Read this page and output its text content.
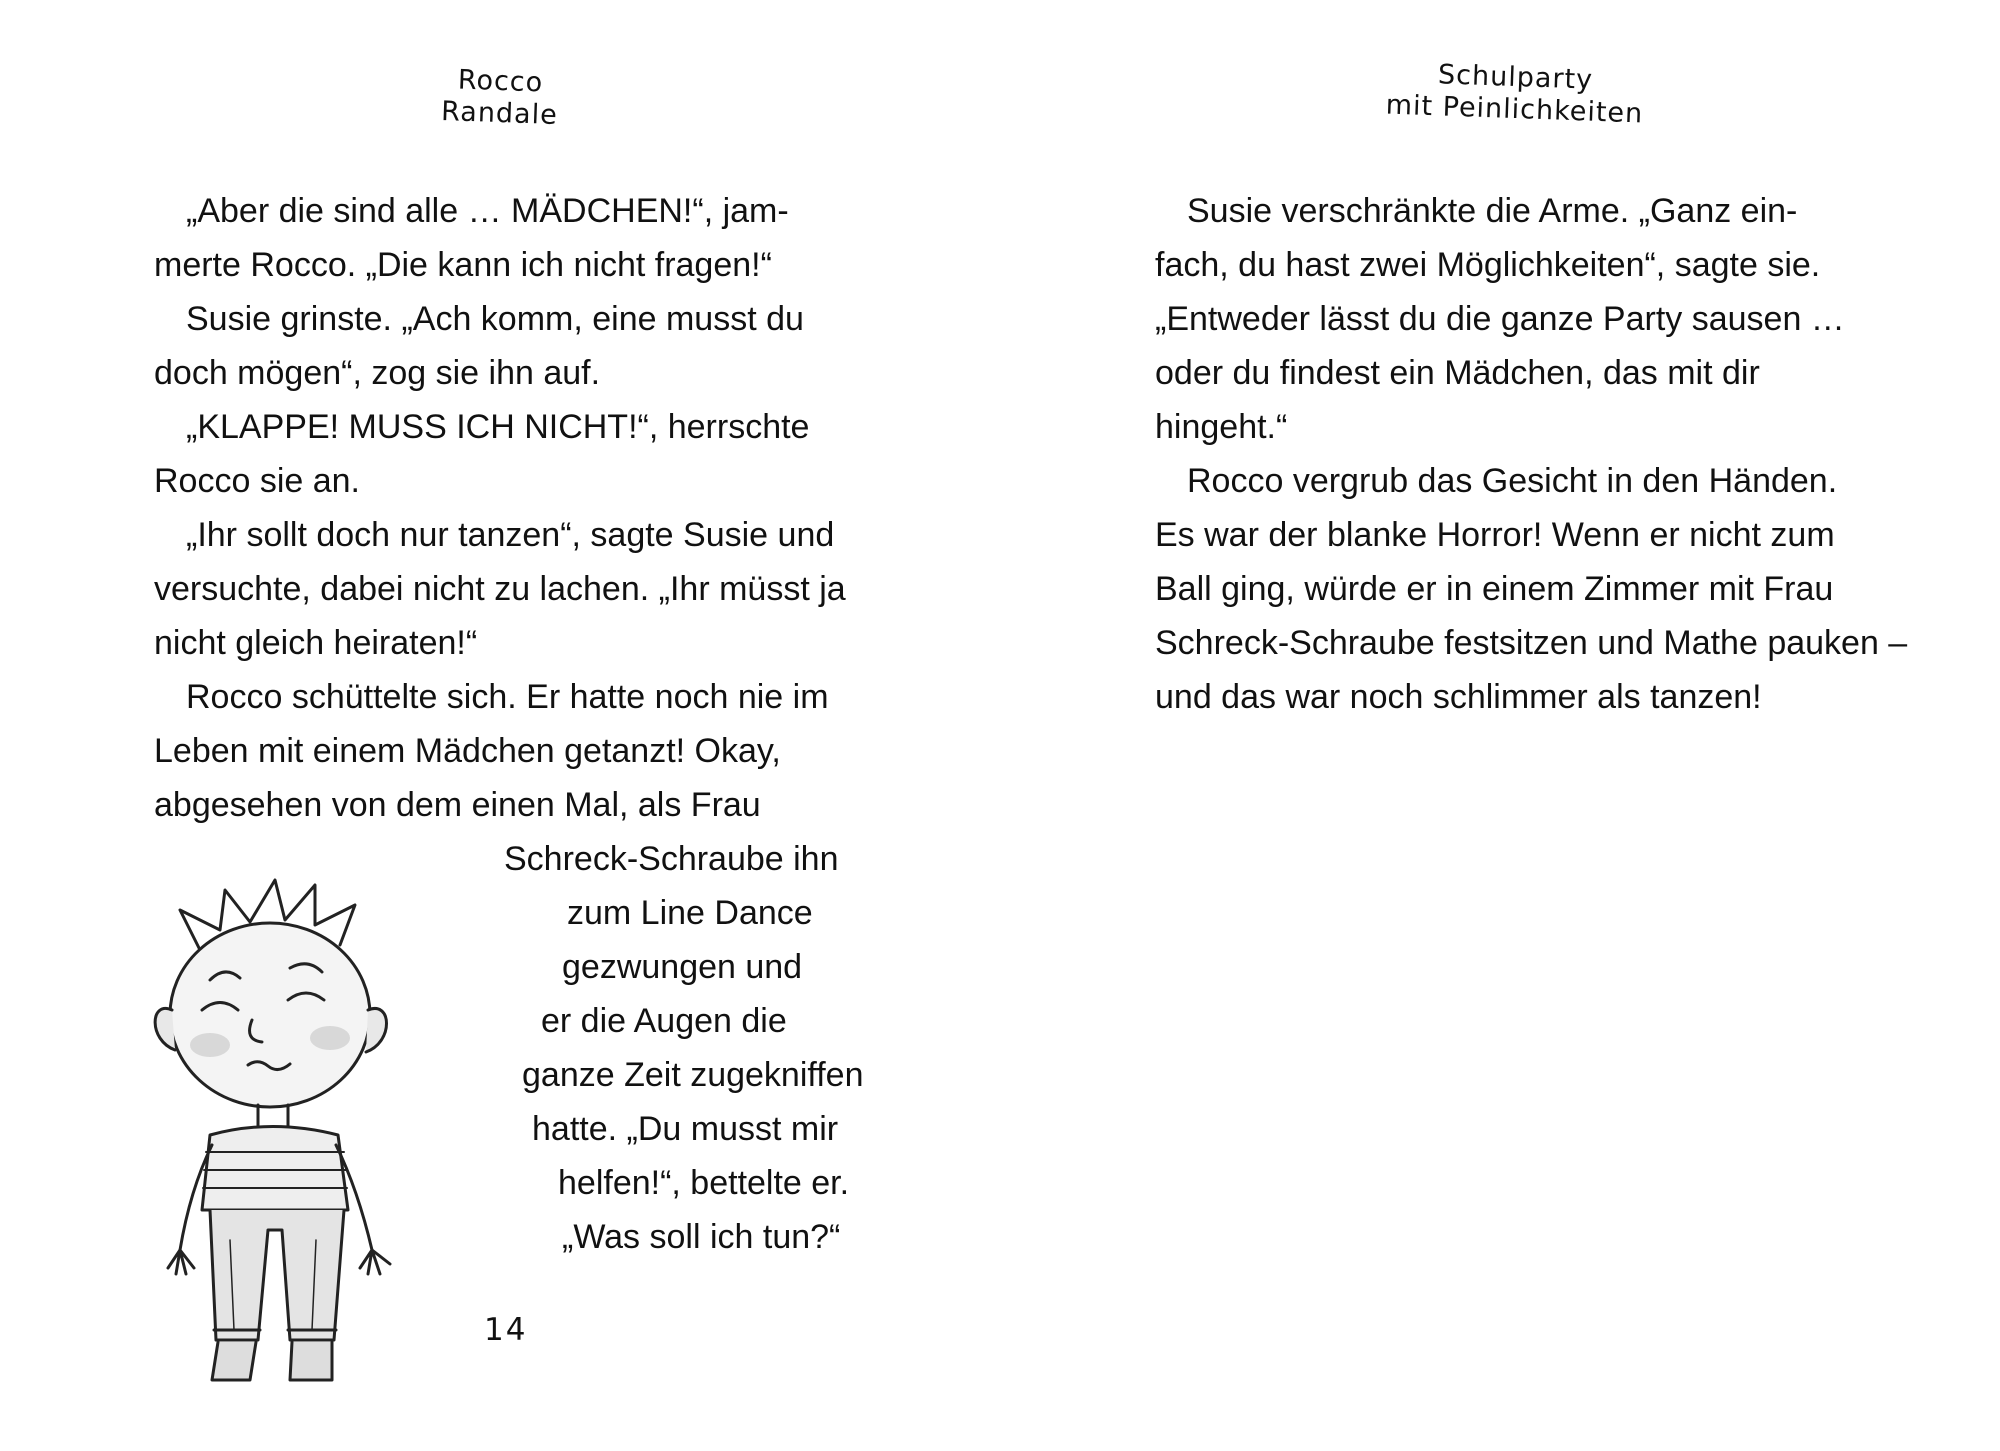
Rocco
Randale
„Aber die sind alle … MÄDCHEN!“, jam-
merte Rocco. „Die kann ich nicht fragen!“
Susie grinste. „Ach komm, eine musst du
doch mögen“, zog sie ihn auf.
„KLAPPE! MUSS ICH NICHT!“, herrschte
Rocco sie an.
„Ihr sollt doch nur tanzen“, sagte Susie und
versuchte, dabei nicht zu lachen. „Ihr müsst ja
nicht gleich heiraten!“
Rocco schüttelte sich. Er hatte noch nie im
Leben mit einem Mädchen getanzt! Okay,
abgesehen von dem einen Mal, als Frau
Schreck-Schraube ihn
zum Line Dance
gezwungen und
er die Augen die
ganze Zeit zugekniffen
hatte. „Du musst mir
helfen!“, bettelte er.
„Was soll ich tun?“

14

Schulparty
mit Peinlichkeiten
Susie verschränkte die Arme. „Ganz ein-
fach, du hast zwei Möglichkeiten“, sagte sie.
„Entweder lässt du die ganze Party sausen …
oder du findest ein Mädchen, das mit dir
hingeht.“
Rocco vergrub das Gesicht in den Händen.
Es war der blanke Horror! Wenn er nicht zum
Ball ging, würde er in einem Zimmer mit Frau
Schreck-Schraube festsitzen und Mathe pauken –
und das war noch schlimmer als tanzen!
